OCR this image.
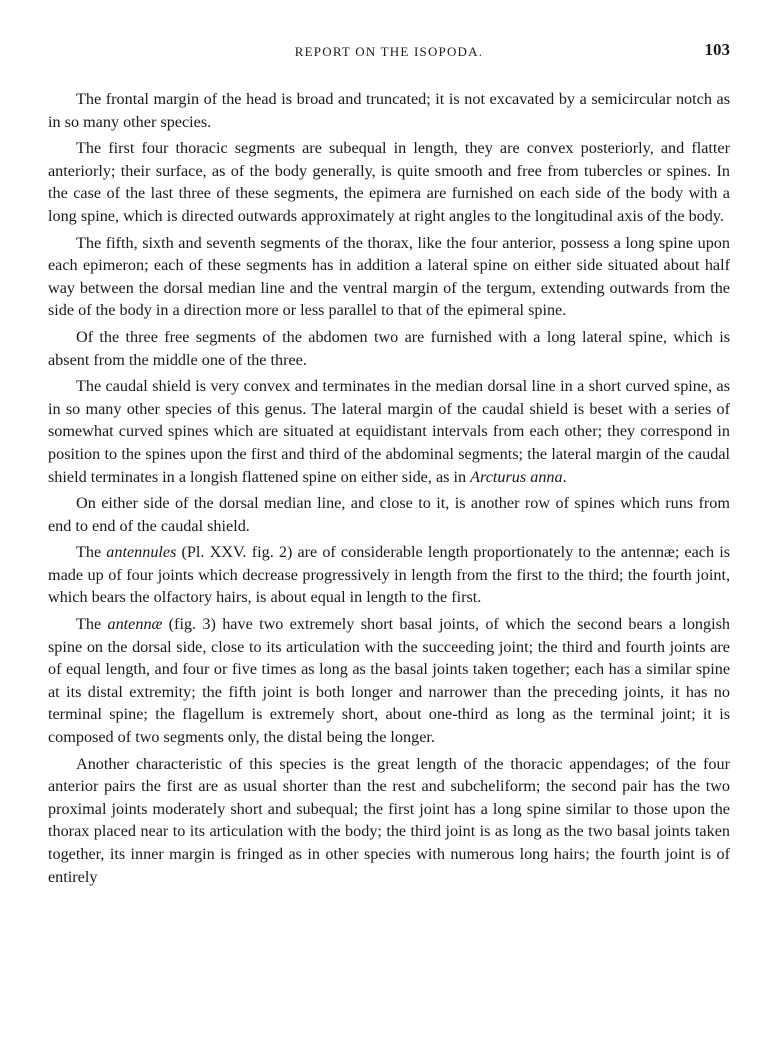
REPORT ON THE ISOPODA.	103

The frontal margin of the head is broad and truncated; it is not excavated by a semicircular notch as in so many other species.

The first four thoracic segments are subequal in length, they are convex posteriorly, and flatter anteriorly; their surface, as of the body generally, is quite smooth and free from tubercles or spines. In the case of the last three of these segments, the epimera are furnished on each side of the body with a long spine, which is directed outwards approximately at right angles to the longitudinal axis of the body.

The fifth, sixth and seventh segments of the thorax, like the four anterior, possess a long spine upon each epimeron; each of these segments has in addition a lateral spine on either side situated about half way between the dorsal median line and the ventral margin of the tergum, extending outwards from the side of the body in a direction more or less parallel to that of the epimeral spine.

Of the three free segments of the abdomen two are furnished with a long lateral spine, which is absent from the middle one of the three.

The caudal shield is very convex and terminates in the median dorsal line in a short curved spine, as in so many other species of this genus. The lateral margin of the caudal shield is beset with a series of somewhat curved spines which are situated at equidistant intervals from each other; they correspond in position to the spines upon the first and third of the abdominal segments; the lateral margin of the caudal shield terminates in a longish flattened spine on either side, as in Arcturus anna.

On either side of the dorsal median line, and close to it, is another row of spines which runs from end to end of the caudal shield.

The antennules (Pl. XXV. fig. 2) are of considerable length proportionately to the antennæ; each is made up of four joints which decrease progressively in length from the first to the third; the fourth joint, which bears the olfactory hairs, is about equal in length to the first.

The antennæ (fig. 3) have two extremely short basal joints, of which the second bears a longish spine on the dorsal side, close to its articulation with the succeeding joint; the third and fourth joints are of equal length, and four or five times as long as the basal joints taken together; each has a similar spine at its distal extremity; the fifth joint is both longer and narrower than the preceding joints, it has no terminal spine; the flagellum is extremely short, about one-third as long as the terminal joint; it is composed of two segments only, the distal being the longer.

Another characteristic of this species is the great length of the thoracic appendages; of the four anterior pairs the first are as usual shorter than the rest and subcheliform; the second pair has the two proximal joints moderately short and subequal; the first joint has a long spine similar to those upon the thorax placed near to its articulation with the body; the third joint is as long as the two basal joints taken together, its inner margin is fringed as in other species with numerous long hairs; the fourth joint is of entirely
